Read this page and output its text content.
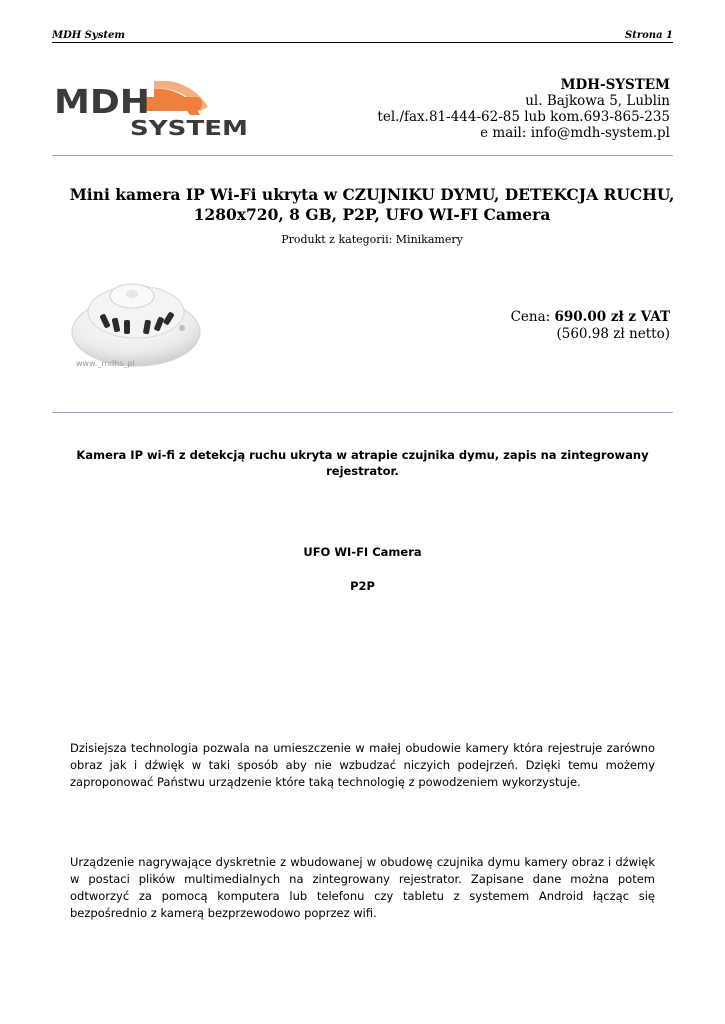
MDH System	Strona 1
MDH
SYSTEM
MDH-SYSTEM
ul. Bajkowa 5, Lublin
tel./fax.81-444-62-85 lub kom.693-865-235
e mail: info@mdh-system.pl
Mini kamera IP Wi-Fi ukryta w CZUJNIKU DYMU, DETEKCJA RUCHU,
1280x720, 8 GB, P2P, UFO WI-FI Camera
Produkt z kategorii: Minikamery
www._mdhs_pl
Cena: 690.00 zł z VAT
(560.98 zł netto)
Kamera IP wi-fi z detekcją ruchu ukryta w atrapie czujnika dymu, zapis na zintegrowany rejestrator.
UFO WI-FI Camera
P2P
Dzisiejsza technologia pozwala na umieszczenie w małej obudowie kamery która rejestruje zarówno obraz jak i dźwięk w taki sposób aby nie wzbudzać niczyich podejrzeń. Dzięki temu możemy zaproponować Państwu urządzenie które taką technologię z powodzeniem wykorzystuje.
Urządzenie nagrywające dyskretnie z wbudowanej w obudowę czujnika dymu kamery obraz i dźwięk w postaci plików multimedialnych na zintegrowany rejestrator. Zapisane dane można potem odtworzyć za pomocą komputera lub telefonu czy tabletu z systemem Android łącząc się bezpośrednio z kamerą bezprzewodowo poprzez wifi.
